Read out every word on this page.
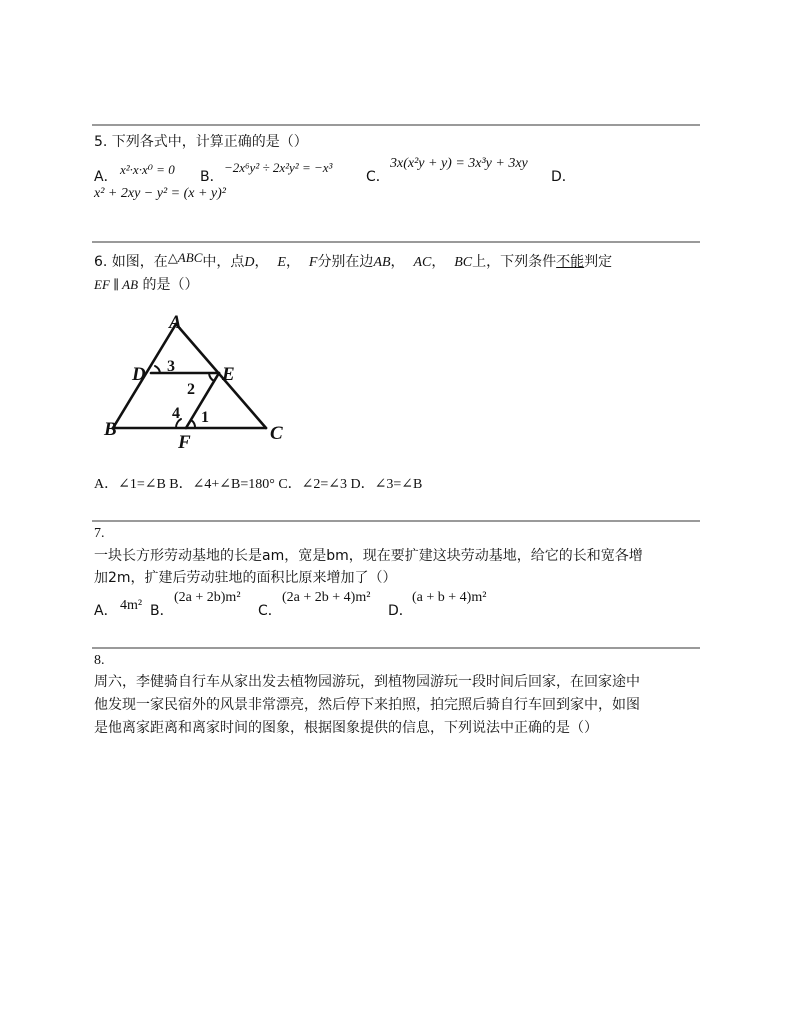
5. 下列各式中，计算正确的是（）
A． x²·x·x⁰ = 0 B．
−2x⁶y² ÷ 2x²y² = −x³
C．
3x(x²y + y) = 3x³y + 3xy
D．
x² + 2xy − y² = (x + y)²
6. 如图，在△ABC中，点D， E， F分别在边AB， AC， BC上，下列条件不能判定
EF ∥ AB 的是（）
A
D	E
B	C
F
3
2
4 1
A．∠1=∠B B．∠4+∠B=180° C．∠2=∠3 D．∠3=∠B
7.
一块长方形劳动基地的长是am，宽是bm，现在要扩建这块劳动基地，给它的长和宽各增
加2m，扩建后劳动驻地的面积比原来增加了（）
A． 4m² B．
(2a + 2b)m²
C．
(2a + 2b + 4)m²
D．
(a + b + 4)m²
8.
周六，李健骑自行车从家出发去植物园游玩，到植物园游玩一段时间后回家，在回家途中
他发现一家民宿外的风景非常漂亮，然后停下来拍照，拍完照后骑自行车回到家中，如图
是他离家距离和离家时间的图象，根据图象提供的信息，下列说法中正确的是（）
